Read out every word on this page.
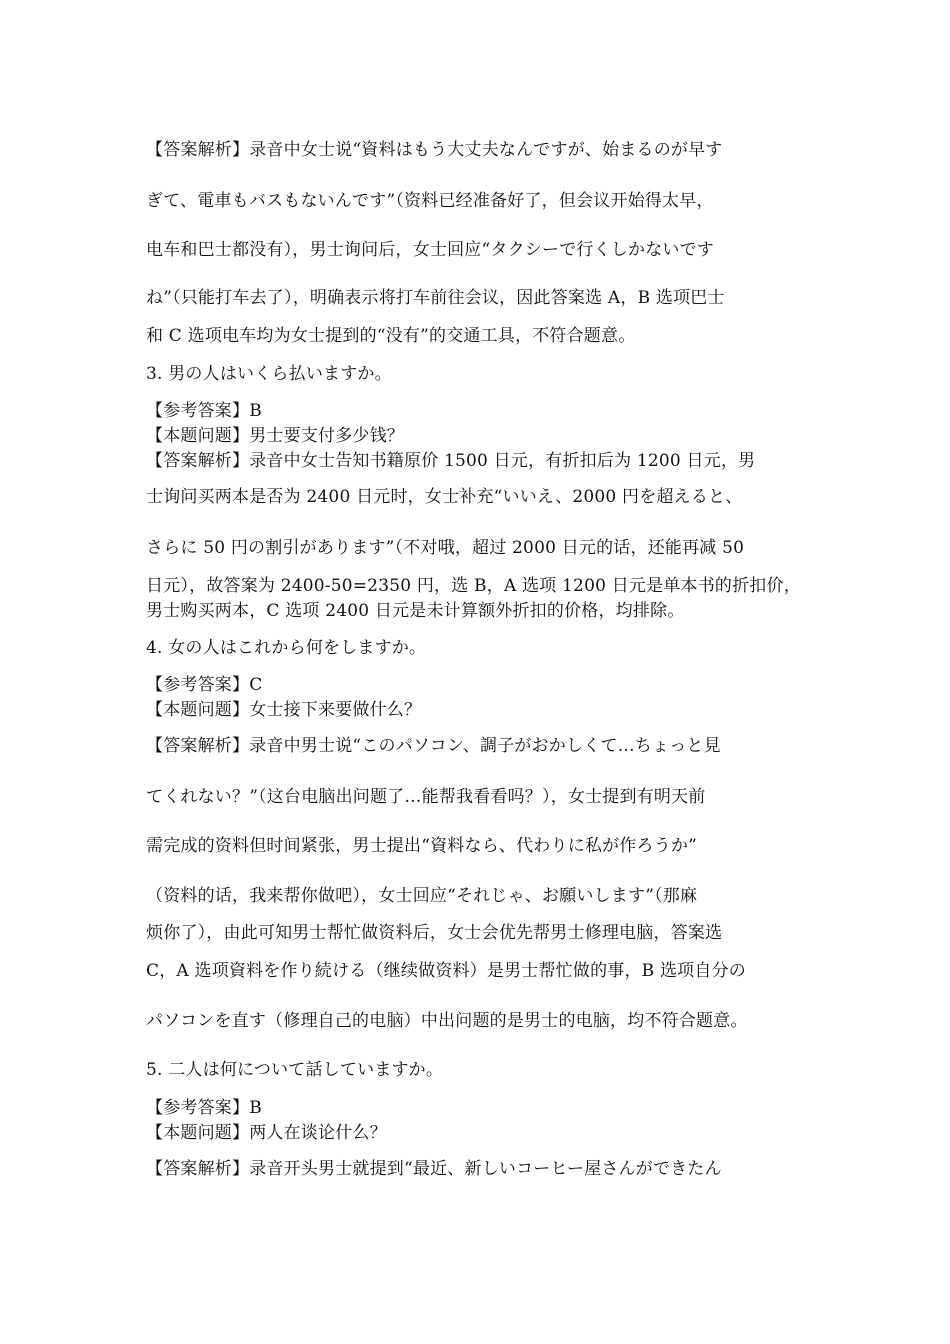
【答案解析】录音中女士说“資料はもう大丈夫なんですが、始まるのが早す
ぎて、電車もバスもないんです”（资料已经准备好了，但会议开始得太早，
电车和巴士都没有），男士询问后，女士回应“タクシーで行くしかないです
ね”（只能打车去了），明确表示将打车前往会议，因此答案选 A，B 选项巴士
和 C 选项电车均为女士提到的“没有”的交通工具，不符合题意。
3. 男の人はいくら払いますか。
【参考答案】B
【本题问题】男士要支付多少钱？
【答案解析】录音中女士告知书籍原价 1500 日元，有折扣后为 1200 日元，男
士询问买两本是否为 2400 日元时，女士补充“いいえ、2000 円を超えると、
さらに 50 円の割引があります”（不对哦，超过 2000 日元的话，还能再减 50
日元），故答案为 2400-50=2350 円，选 B，A 选项 1200 日元是单本书的折扣价，
男士购买两本，C 选项 2400 日元是未计算额外折扣的价格，均排除。
4. 女の人はこれから何をしますか。
【参考答案】C
【本题问题】女士接下来要做什么？
【答案解析】录音中男士说“このパソコン、調子がおかしくて…ちょっと見
てくれない？”（这台电脑出问题了…能帮我看看吗？），女士提到有明天前
需完成的资料但时间紧张，男士提出“資料なら、代わりに私が作ろうか”
（资料的话，我来帮你做吧），女士回应“それじゃ、お願いします”（那麻
烦你了），由此可知男士帮忙做资料后，女士会优先帮男士修理电脑，答案选
C，A 选项資料を作り続ける（继续做资料）是男士帮忙做的事，B 选项自分の
パソコンを直す（修理自己的电脑）中出问题的是男士的电脑，均不符合题意。
5. 二人は何について話していますか。
【参考答案】B
【本题问题】两人在谈论什么？
【答案解析】录音开头男士就提到“最近、新しいコーヒー屋さんができたん
